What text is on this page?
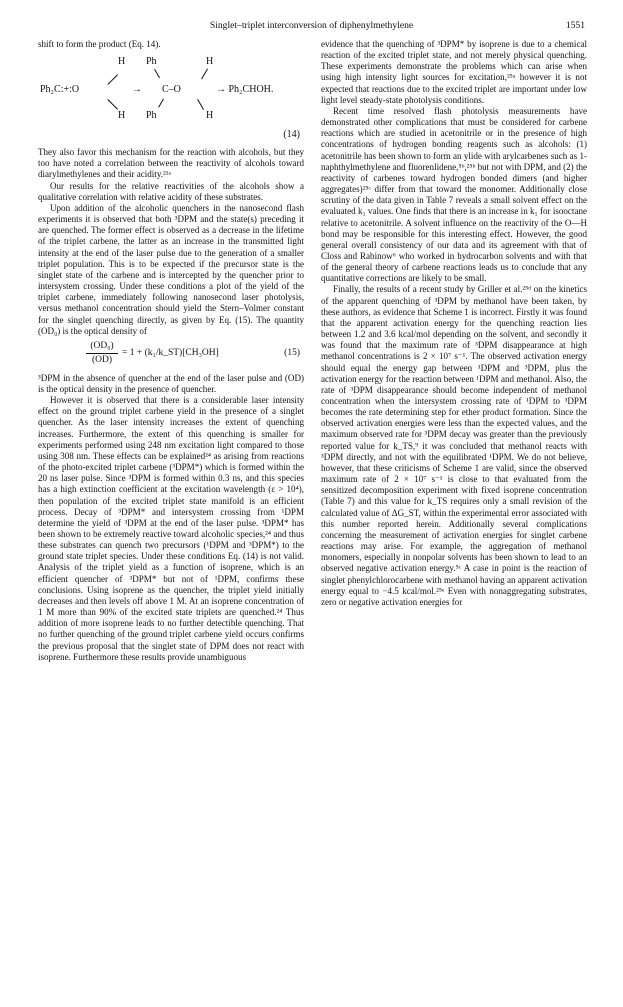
Singlet–triplet interconversion of diphenylmethylene	1551

shift to form the product (Eq. 14).

H Ph	H
Ph₂C:+:O	→ C–O	→ Ph₂CHOH.
H Ph	H
(14)

They also favor this mechanism for the reaction with alcohols, but they too have noted a correlation between the reactivity of alcohols toward diarylmethylenes and their acidity.²¹ᵃ

Our results for the relative reactivities of the alcohols show a qualitative correlation with relative acidity of these substrates.

Upon addition of the alcoholic quenchers in the nanosecond flash experiments it is observed that both ³DPM and the state(s) preceding it are quenched. The former effect is observed as a decrease in the lifetime of the triplet carbene, the latter as an increase in the transmitted light intensity at the end of the laser pulse due to the generation of a smaller triplet population. This is to be expected if the precursor state is the singlet state of the carbene and is intercepted by the quencher prior to intersystem crossing. Under these conditions a plot of the yield of the triplet carbene, immediately following nanosecond laser photolysis, versus methanol concentration should yield the Stern–Volmer constant for the singlet quenching directly, as given by Eq. (15). The quantity (OD₀) is the optical density of

$\frac{\text{(OD₀)}}{(OD)} = 1$ + (k₁/k_ST)[CH₃OH]	(15)

³DPM in the absence of quencher at the end of the laser pulse and (OD) is the optical density in the presence of quencher.

However it is observed that there is a considerable laser intensity effect on the ground triplet carbene yield in the presence of a singlet quencher. As the laser intensity increases the extent of quenching increases. Furthermore, the extent of this quenching is smaller for experiments performed using 248 nm excitation light compared to those using 308 nm. These effects can be explained²⁴ as arising from reactions of the photo-excited triplet carbene (³DPM*) which is formed within the 20 ns laser pulse. Since ³DPM is formed within 0.3 ns, and this species has a high extinction coefficient at the excitation wavelength (ε > 10⁴), then population of the excited triplet state manifold is an efficient process. Decay of ³DPM* and intersystem crossing from ¹DPM determine the yield of ³DPM at the end of the laser pulse. ³DPM* has been shown to be extremely reactive toward alcoholic species,²⁴ and thus these substrates can quench two precursors (¹DPM and ³DPM*) to the ground state triplet species. Under these conditions Eq. (14) is not valid. Analysis of the triplet yield as a function of isoprene, which is an efficient quencher of ³DPM* but not of ¹DPM, confirms these conclusions. Using isoprene as the quencher, the triplet yield initially decreases and then levels off above 1 M. At an isoprene concentration of 1 M more than 90% of the excited state triplets are quenched.²⁴ Thus addition of more isoprene leads to no further detectible quenching. That no further quenching of the ground triplet carbene yield occurs confirms the previous proposal that the singlet state of DPM does not react with isoprene. Furthermore these results provide unambiguous

evidence that the quenching of ³DPM* by isoprene is due to a chemical reaction of the excited triplet state, and not merely physical quenching. These experiments demonstrate the problems which can arise when using high intensity light sources for excitation,²⁵ᵃ however it is not expected that reactions due to the excited triplet are important under low light level steady-state photolysis conditions.

Recent time resolved flash photolysis measurements have demonstrated other complications that must be considered for carbene reactions which are studied in acetonitrile or in the presence of high concentrations of hydrogen bonding reagents such as alcohols: (1) acetonitrile has been shown to form an ylide with arylcarbenes such as 1-naphthylmethylene and fluorenlidene,⁵ᵇ,²⁵ᵇ but not with DPM, and (2) the reactivity of carbenes toward hydrogen bonded dimers (and higher aggregates)²⁵ᶜ differ from that toward the monomer. Additionally close scrutiny of the data given in Table 7 reveals a small solvent effect on the evaluated k₁ values. One finds that there is an increase in k₁ for isooctane relative to acetonitrile. A solvent influence on the reactivity of the O—H bond may be responsible for this interesting effect. However, the good general overall consistency of our data and its agreement with that of Closs and Rabinow⁶ who worked in hydrocarbon solvents and with that of the general theory of carbene reactions leads us to conclude that any quantitative corrections are likely to be small.

Finally, the results of a recent study by Griller et al.²⁵ᵈ on the kinetics of the apparent quenching of ³DPM by methanol have been taken, by these authors, as evidence that Scheme 1 is incorrect. Firstly it was found that the apparent activation energy for the quenching reaction lies between 1.2 and 3.6 kcal/mol depending on the solvent, and secondly it was found that the maximum rate of ³DPM disappearance at high methanol concentrations is 2 × 10⁷ s⁻¹. The observed activation energy should equal the energy gap between ¹DPM and ³DPM, plus the activation energy for the reaction between ¹DPM and methanol. Also, the rate of ³DPM disappearance should become independent of methanol concentration when the intersystem crossing rate of ¹DPM to ³DPM becomes the rate determining step for ether product formation. Since the observed activation energies were less than the expected values, and the maximum observed rate for ³DPM decay was greater than the previously reported value for k_TS,⁹ it was concluded that methanol reacts with ³DPM directly, and not with the equilibrated ¹DPM. We do not believe, however, that these criticisms of Scheme 1 are valid, since the observed maximum rate of 2 × 10⁷ s⁻¹ is close to that evaluated from the sensitized decomposition experiment with fixed isoprene concentration (Table 7) and this value for k_TS requires only a small revision of the calculated value of ΔG_ST, within the experimental error associated with this number reported herein. Additionally several complications concerning the measurement of activation energies for singlet carbene reactions may arise. For example, the aggregation of methanol monomers, especially in nonpolar solvents has been shown to lead to an observed negative activation energy.⁵ᶜ A case in point is the reaction of singlet phenylchlorocarbene with methanol having an apparent activation energy equal to −4.5 kcal/mol.²⁵ᵉ Even with nonaggregating substrates, zero or negative activation energies for
